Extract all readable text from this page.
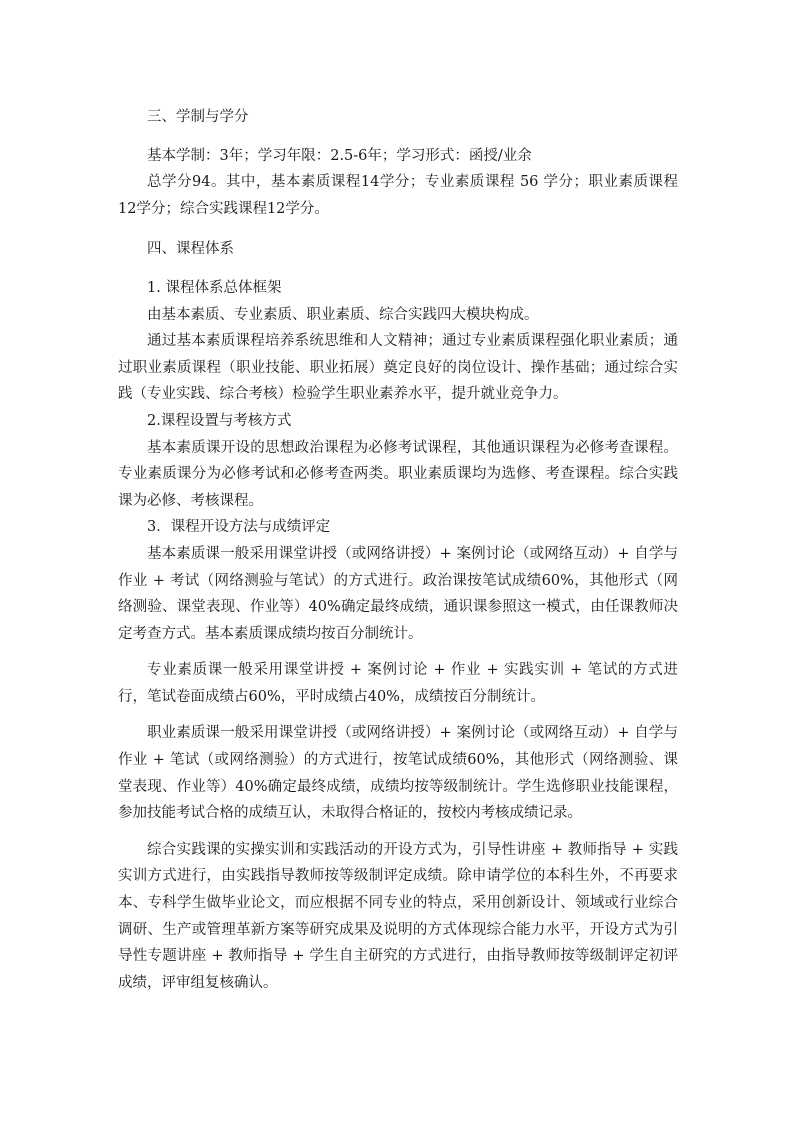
三、学制与学分

基本学制：3年；学习年限：2.5-6年；学习形式：函授/业余

总学分94。其中，基本素质课程14学分；专业素质课程 56 学分；职业素质课程12学分；综合实践课程12学分。

四、课程体系

1. 课程体系总体框架

由基本素质、专业素质、职业素质、综合实践四大模块构成。

通过基本素质课程培养系统思维和人文精神；通过专业素质课程强化职业素质；通过职业素质课程（职业技能、职业拓展）奠定良好的岗位设计、操作基础；通过综合实践（专业实践、综合考核）检验学生职业素养水平，提升就业竞争力。

2.课程设置与考核方式

基本素质课开设的思想政治课程为必修考试课程，其他通识课程为必修考查课程。专业素质课分为必修考试和必修考查两类。职业素质课均为选修、考查课程。综合实践课为必修、考核课程。

3．课程开设方法与成绩评定

基本素质课一般采用课堂讲授（或网络讲授）+ 案例讨论（或网络互动）+ 自学与作业 + 考试（网络测验与笔试）的方式进行。政治课按笔试成绩60%，其他形式（网络测验、课堂表现、作业等）40%确定最终成绩，通识课参照这一模式，由任课教师决定考查方式。基本素质课成绩均按百分制统计。

专业素质课一般采用课堂讲授 + 案例讨论 + 作业 + 实践实训 + 笔试的方式进行，笔试卷面成绩占60%，平时成绩占40%，成绩按百分制统计。

职业素质课一般采用课堂讲授（或网络讲授）+ 案例讨论（或网络互动）+ 自学与作业 + 笔试（或网络测验）的方式进行，按笔试成绩60%，其他形式（网络测验、课堂表现、作业等）40%确定最终成绩，成绩均按等级制统计。学生选修职业技能课程，参加技能考试合格的成绩互认，未取得合格证的，按校内考核成绩记录。

综合实践课的实操实训和实践活动的开设方式为，引导性讲座 + 教师指导 + 实践实训方式进行，由实践指导教师按等级制评定成绩。除申请学位的本科生外，不再要求本、专科学生做毕业论文，而应根据不同专业的特点，采用创新设计、领域或行业综合调研、生产或管理革新方案等研究成果及说明的方式体现综合能力水平，开设方式为引导性专题讲座 + 教师指导 + 学生自主研究的方式进行，由指导教师按等级制评定初评成绩，评审组复核确认。
